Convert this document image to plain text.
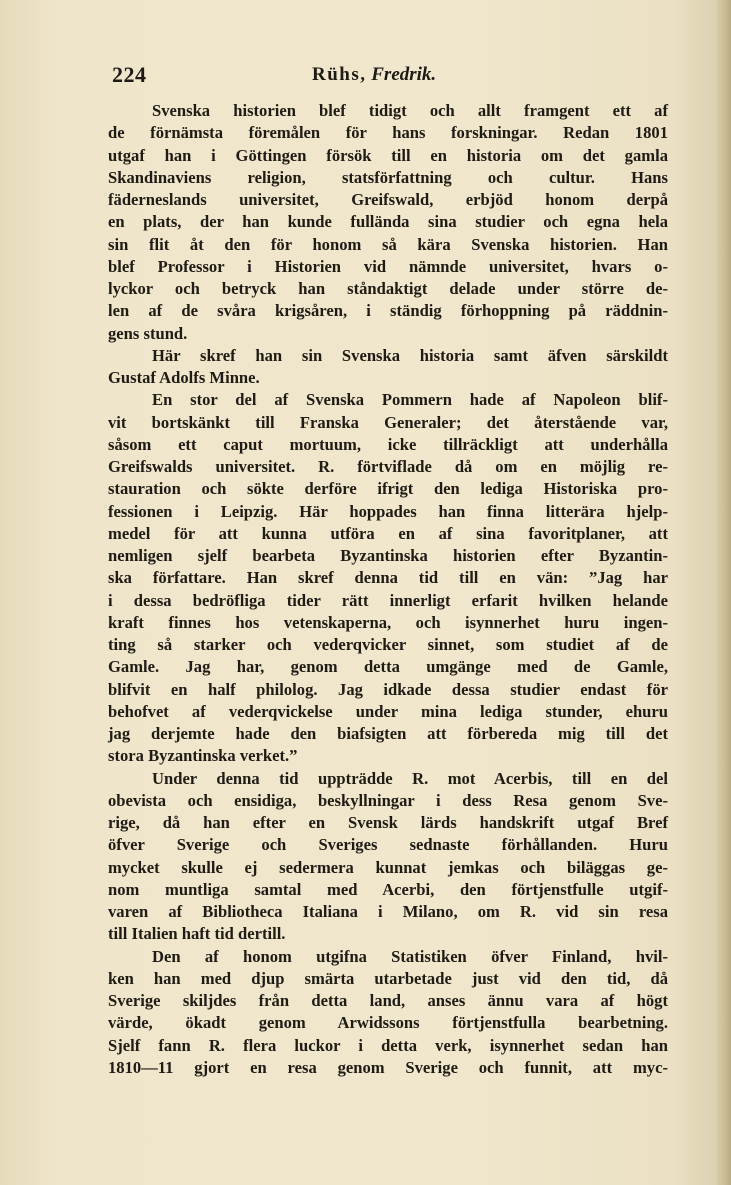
224	Rühs, Fredrik.
Svenska historien blef tidigt och allt framgent ett af
de förnämsta föremålen för hans forskningar. Redan 1801
utgaf han i Göttingen försök till en historia om det gamla
Skandinaviens religion, statsförfattning och cultur. Hans
fäderneslands universitet, Greifswald, erbjöd honom derpå
en plats, der han kunde fullända sina studier och egna hela
sin flit åt den för honom så kära Svenska historien. Han
blef Professor i Historien vid nämnde universitet, hvars o-
lyckor och betryck han ståndaktigt delade under större de-
len af de svåra krigsåren, i ständig förhoppning på räddnin-
gens stund.
Här skref han sin Svenska historia samt äfven särskildt
Gustaf Adolfs Minne.
En stor del af Svenska Pommern hade af Napoleon blif-
vit bortskänkt till Franska Generaler; det återstående var,
såsom ett caput mortuum, icke tillräckligt att underhålla
Greifswalds universitet. R. förtviflade då om en möjlig re-
stauration och sökte derföre ifrigt den lediga Historiska pro-
fessionen i Leipzig. Här hoppades han finna litterära hjelp-
medel för att kunna utföra en af sina favoritplaner, att
nemligen sjelf bearbeta Byzantinska historien efter Byzantin-
ska författare. Han skref denna tid till en vän: ”Jag har
i dessa bedröfliga tider rätt innerligt erfarit hvilken helande
kraft finnes hos vetenskaperna, och isynnerhet huru ingen-
ting så starker och vederqvicker sinnet, som studiet af de
Gamle. Jag har, genom detta umgänge med de Gamle,
blifvit en half philolog. Jag idkade dessa studier endast för
behofvet af vederqvickelse under mina lediga stunder, ehuru
jag derjemte hade den biafsigten att förbereda mig till det
stora Byzantinska verket.”
Under denna tid uppträdde R. mot Acerbis, till en del
obevista och ensidiga, beskyllningar i dess Resa genom Sve-
rige, då han efter en Svensk lärds handskrift utgaf Bref
öfver Sverige och Sveriges sednaste förhållanden. Huru
mycket skulle ej sedermera kunnat jemkas och biläggas ge-
nom muntliga samtal med Acerbi, den förtjenstfulle utgif-
varen af Bibliotheca Italiana i Milano, om R. vid sin resa
till Italien haft tid dertill.
Den af honom utgifna Statistiken öfver Finland, hvil-
ken han med djup smärta utarbetade just vid den tid, då
Sverige skiljdes från detta land, anses ännu vara af högt
värde, ökadt genom Arwidssons förtjenstfulla bearbetning.
Sjelf fann R. flera luckor i detta verk, isynnerhet sedan han
1810—11 gjort en resa genom Sverige och funnit, att myc-
